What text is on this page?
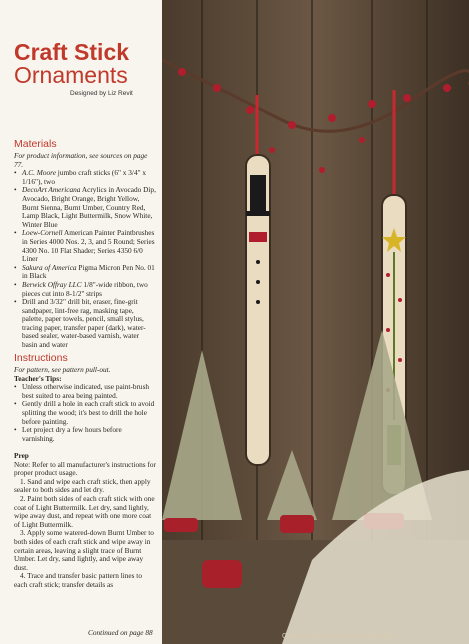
Craft Stick
Ornaments
Designed by Liz Revit
Materials

For product information, see sources on page 77.

• A.C. Moore jumbo craft sticks (6" x 3/4" x 1/16"), two
• DecoArt Americana Acrylics in Avocado Dip, Avocado, Bright Orange, Bright Yellow, Burnt Sienna, Burnt Umber, Country Red, Lamp Black, Light Buttermilk, Snow White, Winter Blue
• Loew-Cornell American Painter Paintbrushes in Series 4000 Nos. 2, 3, and 5 Round; Series 4300 No. 10 Flat Shader; Series 4350 6/0 Liner
• Sakura of America Pigma Micron Pen No. 01 in Black
• Berwick Offray LLC 1/8"-wide ribbon, two pieces cut into 8-1/2" strips
• Drill and 3/32" drill bit, eraser, fine-grit sandpaper, lint-free rag, masking tape, palette, paper towels, pencil, small stylus, tracing paper, transfer paper (dark), water-based sealer, water-based varnish, water basin and water
Instructions

For pattern, see pattern pull-out.

Teacher's Tips:

• Unless otherwise indicated, use paint-brush best suited to area being painted.
• Gently drill a hole in each craft stick to avoid splitting the wood; it's best to drill the hole before painting.
• Let project dry a few hours before varnishing.

Prep

Note: Refer to all manufacturer's instructions for proper product usage.

1. Sand and wipe each craft stick, then apply sealer to both sides and let dry.

2. Paint both sides of each craft stick with one coat of Light Buttermilk. Let dry, sand lightly, wipe away dust, and repeat with one more coat of Light Buttermilk.

3. Apply some watered-down Burnt Umber to both sides of each craft stick and wipe away in certain areas, leaving a slight trace of Burnt Umber. Let dry, sand lightly, and wipe away dust.

4. Trace and transfer basic pattern lines to each craft stick; transfer details as

Continued on page 88	Create & Decorate • December 2005
